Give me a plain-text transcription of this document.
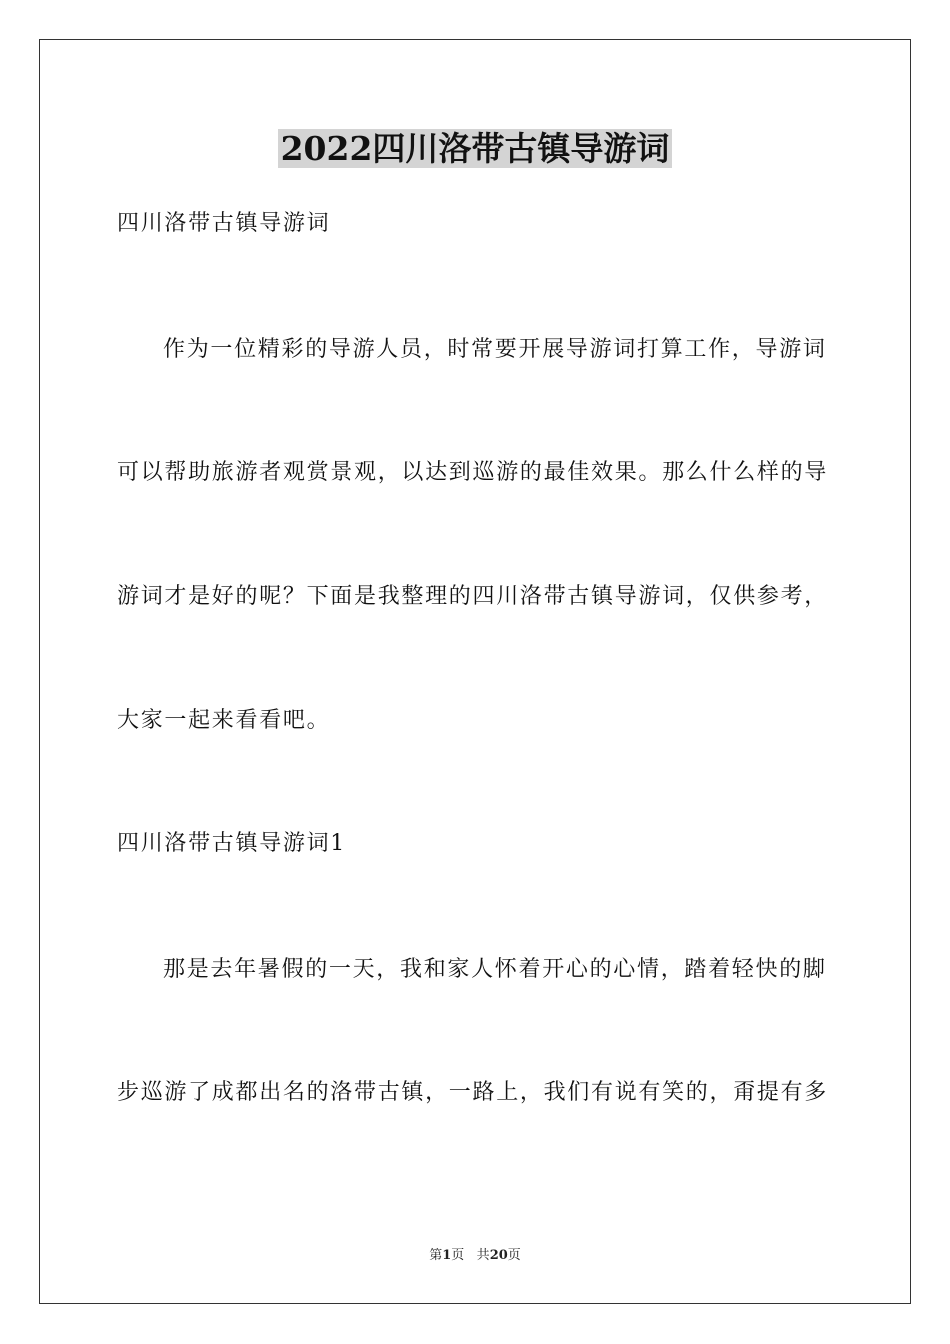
2022四川洛带古镇导游词
四川洛带古镇导游词
作为一位精彩的导游人员，时常要开展导游词打算工作，导游词
可以帮助旅游者观赏景观，以达到巡游的最佳效果。那么什么样的导
游词才是好的呢？下面是我整理的四川洛带古镇导游词，仅供参考，
大家一起来看看吧。
四川洛带古镇导游词1
那是去年暑假的一天，我和家人怀着开心的心情，踏着轻快的脚
步巡游了成都出名的洛带古镇，一路上，我们有说有笑的，甭提有多
第1页 共20页
